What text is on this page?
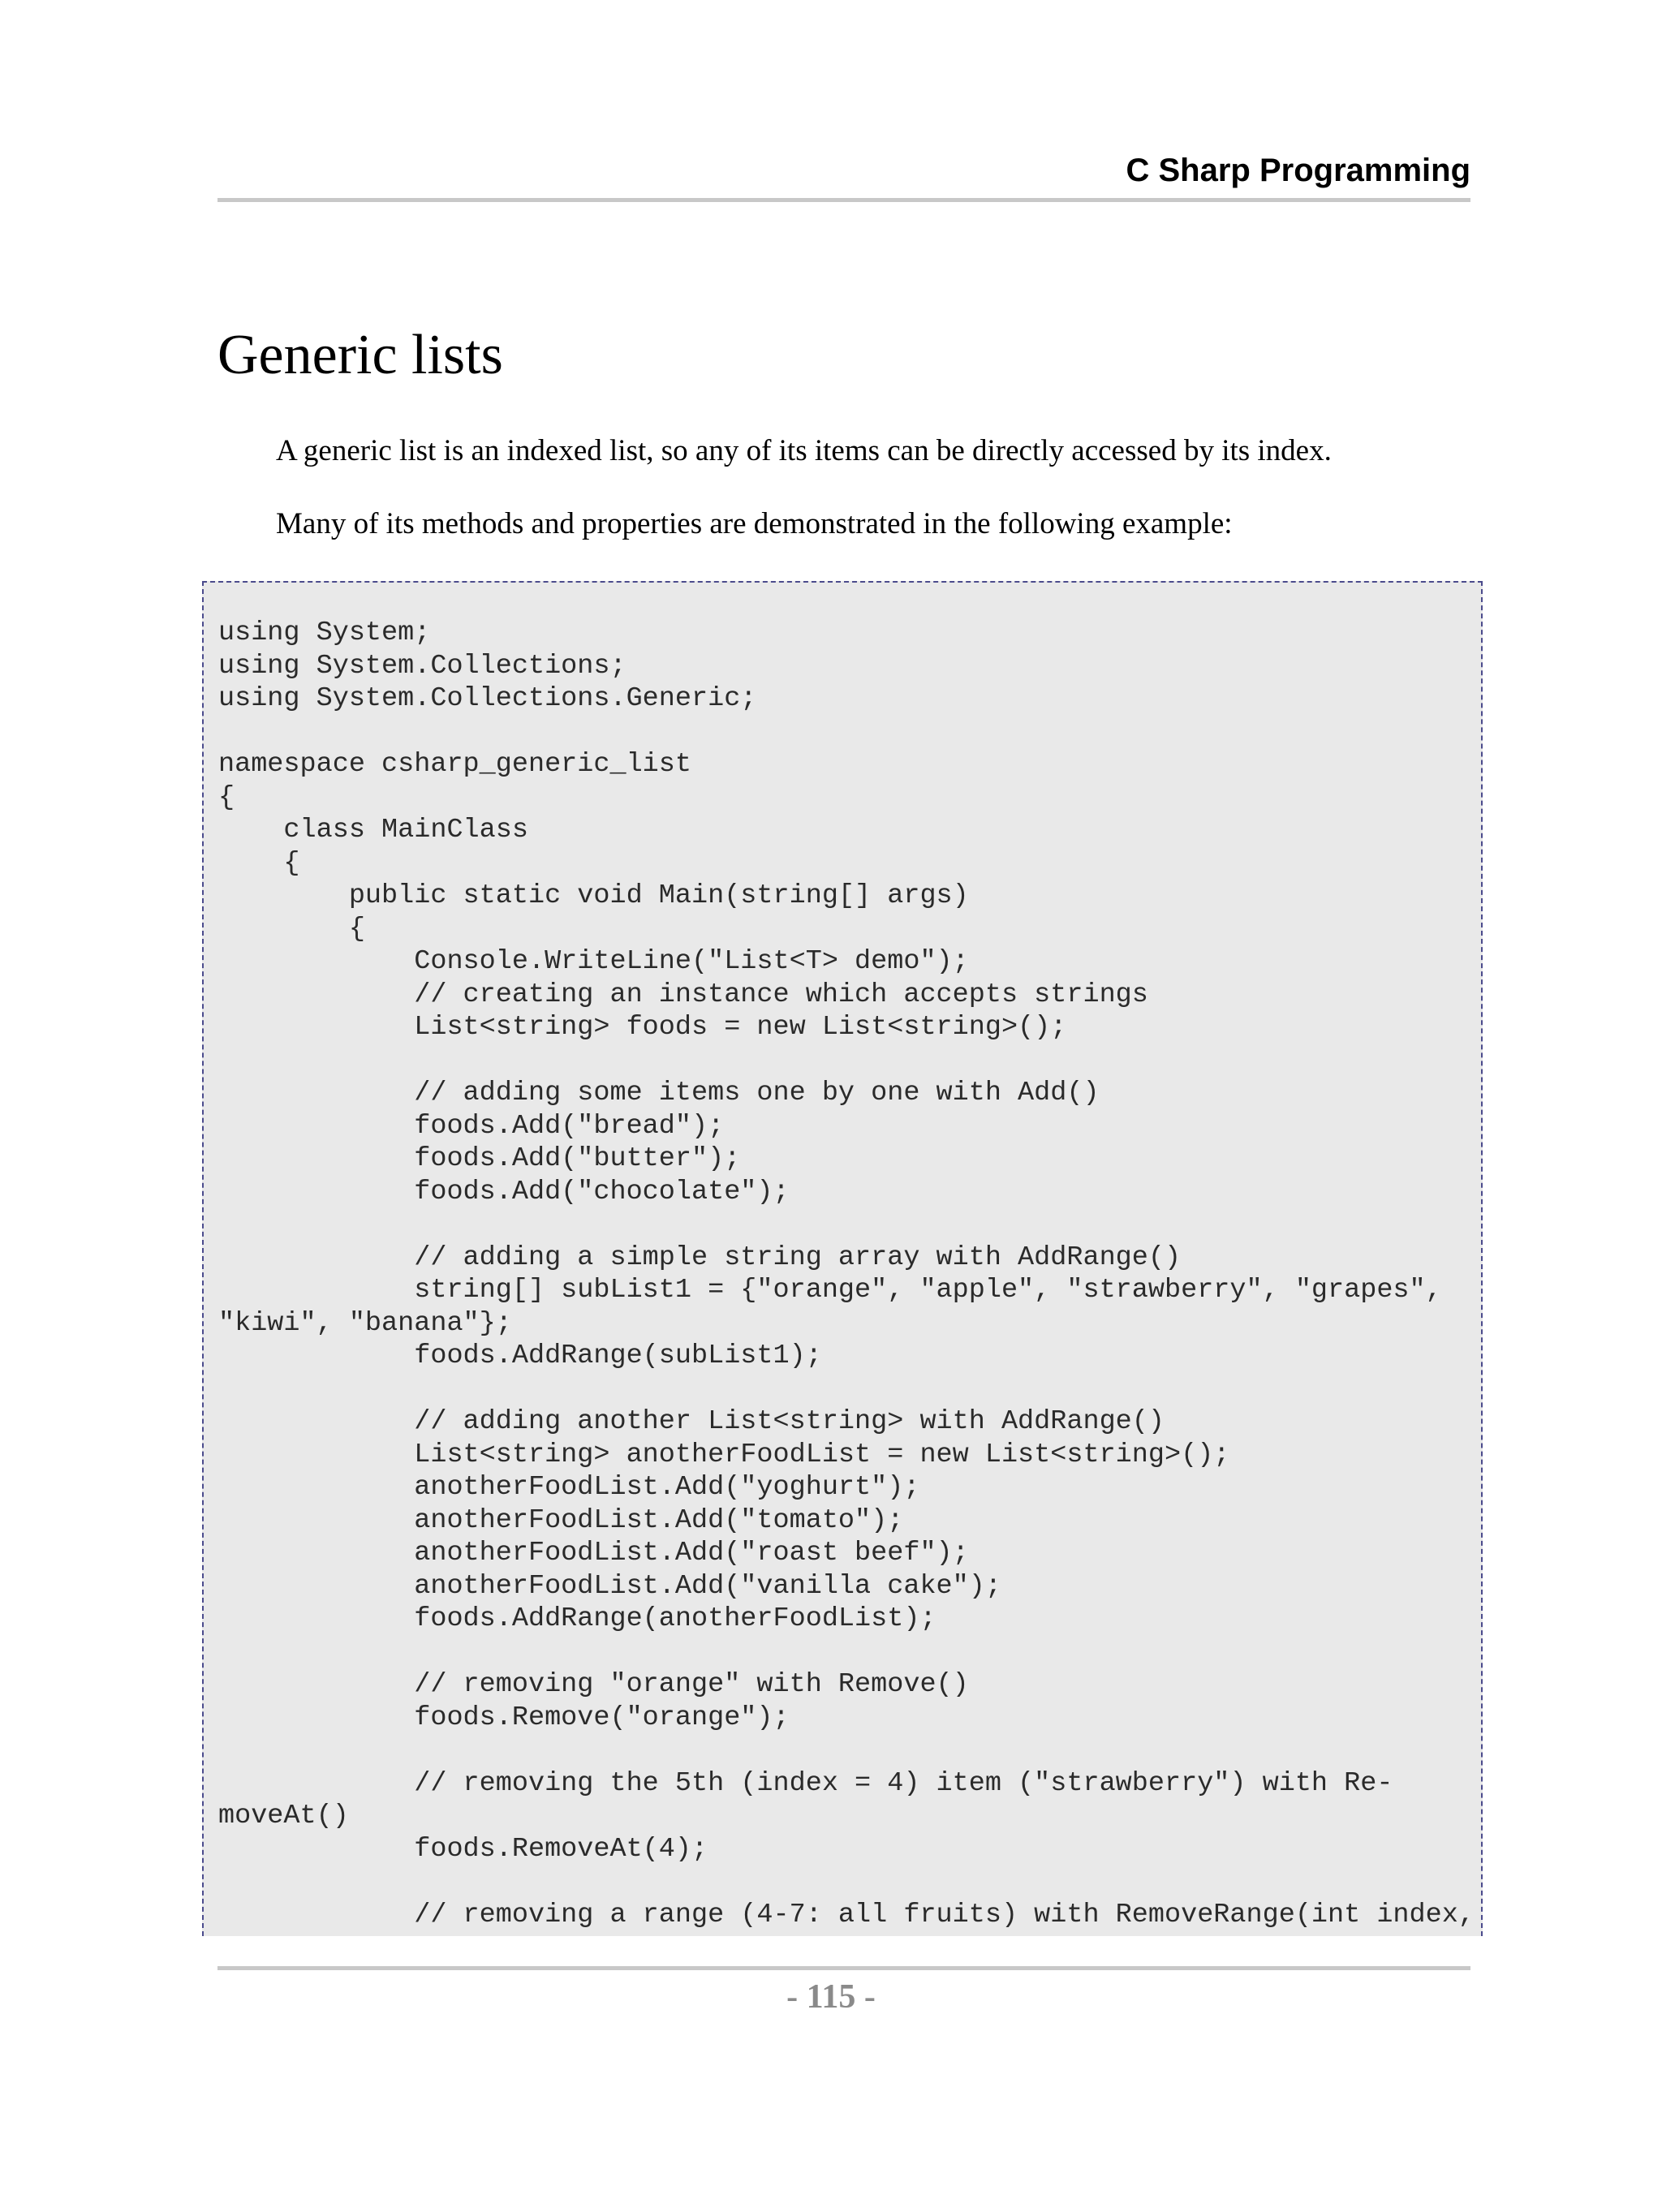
C Sharp Programming

Generic lists

A generic list is an indexed list, so any of its items can be directly accessed by its index.

Many of its methods and properties are demonstrated in the following example:

using System;
using System.Collections;
using System.Collections.Generic;

namespace csharp_generic_list
{
class MainClass
{
public static void Main(string[] args)
{
Console.WriteLine("List<T> demo");
// creating an instance which accepts strings
List<string> foods = new List<string>();

// adding some items one by one with Add()
foods.Add("bread");
foods.Add("butter");
foods.Add("chocolate");

// adding a simple string array with AddRange()
string[] subList1 = {"orange", "apple", "strawberry", "grapes",
"kiwi", "banana"};
foods.AddRange(subList1);

// adding another List<string> with AddRange()
List<string> anotherFoodList = new List<string>();
anotherFoodList.Add("yoghurt");
anotherFoodList.Add("tomato");
anotherFoodList.Add("roast beef");
anotherFoodList.Add("vanilla cake");
foods.AddRange(anotherFoodList);

// removing "orange" with Remove()
foods.Remove("orange");

// removing the 5th (index = 4) item ("strawberry") with Re-
moveAt()
foods.RemoveAt(4);

// removing a range (4-7: all fruits) with RemoveRange(int index,

- 115 -
